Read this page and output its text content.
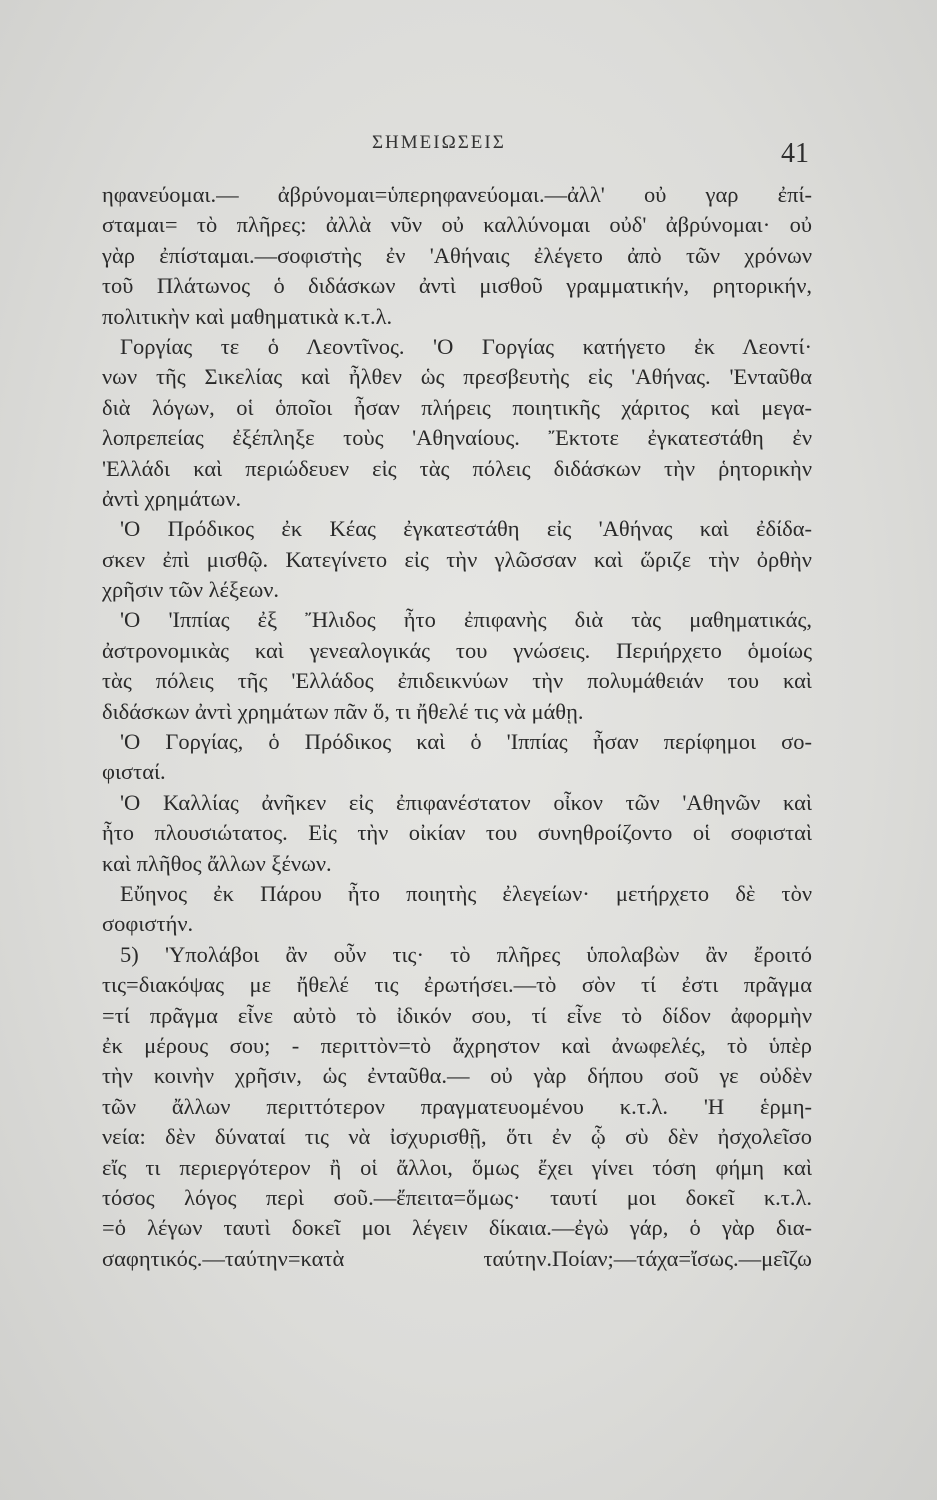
ΣΗΜΕΙΩΣΕΙΣ	41
ηφανεύομαι.— ἀβρύνομαι=ὑπερηφανεύομαι.—ἀλλ' οὐ γαρ ἐπί-
σταμαι= τὸ πλῆρες: ἀλλὰ νῦν οὐ καλλύνομαι οὐδ' ἀβρύνομαι· οὐ
γὰρ ἐπίσταμαι.—σοφιστὴς ἐν 'Αθήναις ἐλέγετο ἀπὸ τῶν χρόνων
τοῦ Πλάτωνος ὁ διδάσκων ἀντὶ μισθοῦ γραμματικήν, ρητορικήν,
πολιτικὴν καὶ μαθηματικὰ κ.τ.λ.
Γοργίας τε ὁ Λεοντῖνος. 'Ο Γοργίας κατήγετο ἐκ Λεοντί·
νων τῆς Σικελίας καὶ ἦλθεν ὡς πρεσβευτὴς εἰς 'Αθήνας. 'Ενταῦθα
διὰ λόγων, οἱ ὁποῖοι ἦσαν πλήρεις ποιητικῆς χάριτος καὶ μεγα-
λοπρεπείας ἐξέπληξε τοὺς 'Αθηναίους. Ἔκτοτε ἐγκατεστάθη ἐν
'Ελλάδι καὶ περιώδευεν εἰς τὰς πόλεις διδάσκων τὴν ῥητορικὴν
ἀντὶ χρημάτων.
'Ο Πρόδικος ἐκ Κέας ἐγκατεστάθη εἰς 'Αθήνας καὶ ἐδίδα-
σκεν ἐπὶ μισθῷ. Κατεγίνετο εἰς τὴν γλῶσσαν καὶ ὥριζε τὴν ὀρθὴν
χρῆσιν τῶν λέξεων.
'Ο 'Ιππίας ἐξ Ἤλιδος ἦτο ἐπιφανὴς διὰ τὰς μαθηματικάς,
ἀστρονομικὰς καὶ γενεαλογικάς του γνώσεις. Περιήρχετο ὁμοίως
τὰς πόλεις τῆς 'Ελλάδος ἐπιδεικνύων τὴν πολυμάθειάν του καὶ
διδάσκων ἀντὶ χρημάτων πᾶν ὅ, τι ἤθελέ τις νὰ μάθῃ.
'Ο Γοργίας, ὁ Πρόδικος καὶ ὁ 'Ιππίας ἦσαν περίφημοι σο-
φισταί.
'Ο Καλλίας ἀνῆκεν εἰς ἐπιφανέστατον οἶκον τῶν 'Αθηνῶν καὶ
ἦτο πλουσιώτατος. Εἰς τὴν οἰκίαν του συνηθροίζοντο οἱ σοφισταὶ
καὶ πλῆθος ἄλλων ξένων.
Εὔηνος ἐκ Πάρου ἦτο ποιητὴς ἐλεγείων· μετήρχετο δὲ τὸν
σοφιστήν.
5) 'Υπολάβοι ἂν οὖν τις· τὸ πλῆρες ὑπολαβὼν ἂν ἔροιτό
τις=διακόψας με ἤθελέ τις ἐρωτήσει.—τὸ σὸν τί ἐστι πρᾶγμα
=τί πρᾶγμα εἶνε αὐτὸ τὸ ἰδικόν σου, τί εἶνε τὸ δίδον ἀφορμὴν
ἐκ μέρους σου; - περιττὸν=τὸ ἄχρηστον καὶ ἀνωφελές, τὸ ὑπὲρ
τὴν κοινὴν χρῆσιν, ὡς ἐνταῦθα.— οὐ γὰρ δήπου σοῦ γε οὐδὲν
τῶν ἄλλων περιττότερον πραγματευομένου κ.τ.λ. 'Η ἑρμη-
νεία: δὲν δύναταί τις νὰ ἰσχυρισθῇ, ὅτι ἐν ᾧ σὺ δὲν ἠσχολεῖσο
εἴς τι περιεργότερον ἢ οἱ ἄλλοι, ὅμως ἔχει γίνει τόση φήμη καὶ
τόσος λόγος περὶ σοῦ.—ἔπειτα=ὅμως· ταυτί μοι δοκεῖ κ.τ.λ.
=ὁ λέγων ταυτὶ δοκεῖ μοι λέγειν δίκαια.—ἐγὼ γάρ, ὁ γὰρ δια-
σαφητικός.—ταύτην=κατὰ ταύτην.Ποίαν;—τάχα=ἴσως.—μεῖζω
